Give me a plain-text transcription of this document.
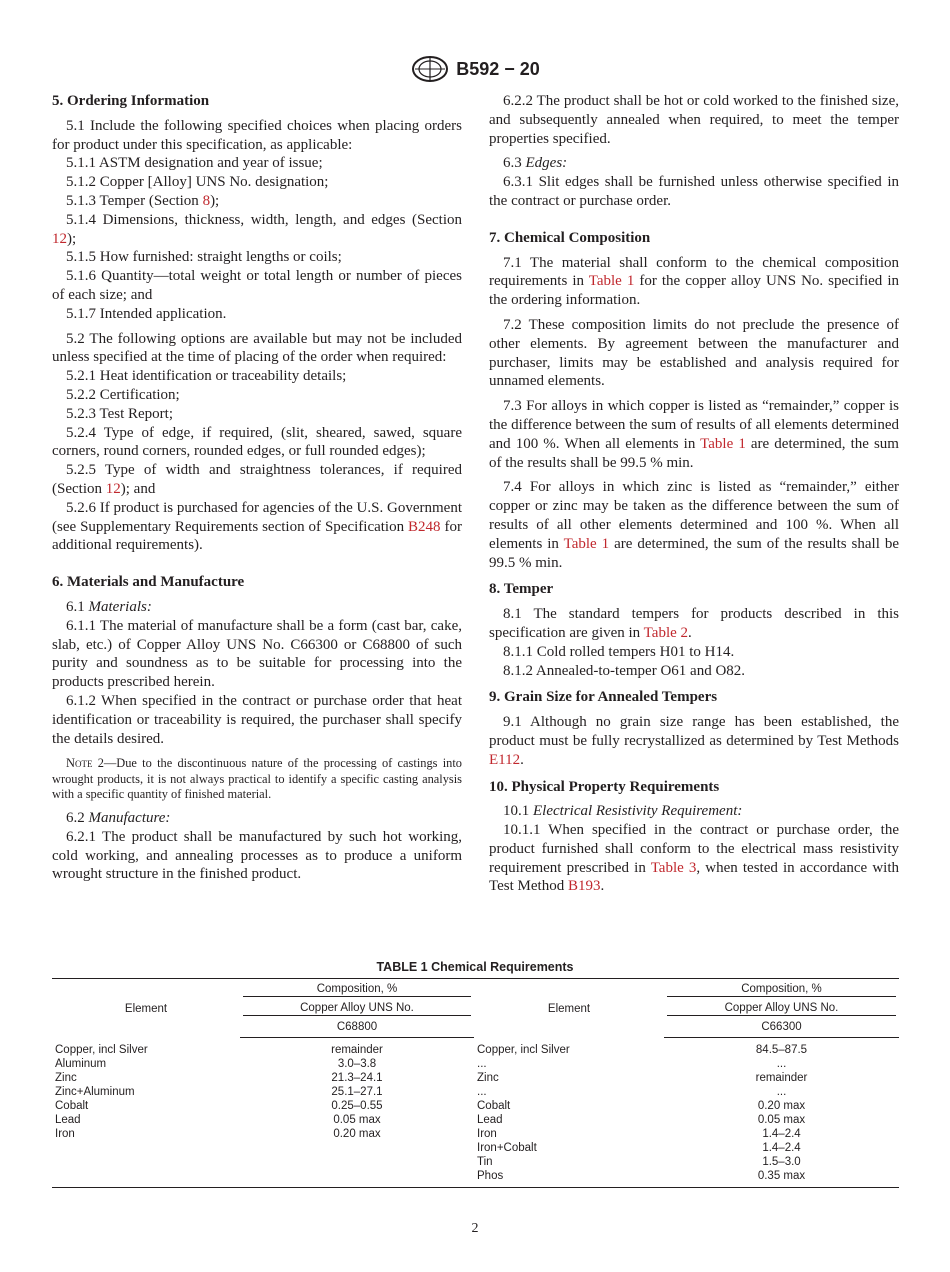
B592 − 20
5. Ordering Information

5.1 Include the following specified choices when placing orders for product under this specification, as applicable:

5.1.1 ASTM designation and year of issue;

5.1.2 Copper [Alloy] UNS No. designation;

5.1.3 Temper (Section 8);

5.1.4 Dimensions, thickness, width, length, and edges (Section 12);

5.1.5 How furnished: straight lengths or coils;

5.1.6 Quantity—total weight or total length or number of pieces of each size; and

5.1.7 Intended application.

5.2 The following options are available but may not be included unless specified at the time of placing of the order when required:

5.2.1 Heat identification or traceability details;

5.2.2 Certification;

5.2.3 Test Report;

5.2.4 Type of edge, if required, (slit, sheared, sawed, square corners, round corners, rounded edges, or full rounded edges);

5.2.5 Type of width and straightness tolerances, if required (Section 12); and

5.2.6 If product is purchased for agencies of the U.S. Government (see Supplementary Requirements section of Specification B248 for additional requirements).

6. Materials and Manufacture

6.1 Materials:

6.1.1 The material of manufacture shall be a form (cast bar, cake, slab, etc.) of Copper Alloy UNS No. C66300 or C68800 of such purity and soundness as to be suitable for processing into the products prescribed herein.

6.1.2 When specified in the contract or purchase order that heat identification or traceability is required, the purchaser shall specify the details desired.

Note 2—Due to the discontinuous nature of the processing of castings into wrought products, it is not always practical to identify a specific casting analysis with a specific quantity of finished material.

6.2 Manufacture:

6.2.1 The product shall be manufactured by such hot working, cold working, and annealing processes as to produce a uniform wrought structure in the finished product.

6.2.2 The product shall be hot or cold worked to the finished size, and subsequently annealed when required, to meet the temper properties specified.

6.3 Edges:

6.3.1 Slit edges shall be furnished unless otherwise specified in the contract or purchase order.

7. Chemical Composition

7.1 The material shall conform to the chemical composition requirements in Table 1 for the copper alloy UNS No. specified in the ordering information.

7.2 These composition limits do not preclude the presence of other elements. By agreement between the manufacturer and purchaser, limits may be established and analysis required for unnamed elements.

7.3 For alloys in which copper is listed as “remainder,” copper is the difference between the sum of results of all elements determined and 100 %. When all elements in Table 1 are determined, the sum of the results shall be 99.5 % min.

7.4 For alloys in which zinc is listed as “remainder,” either copper or zinc may be taken as the difference between the sum of results of all other elements determined and 100 %. When all elements in Table 1 are determined, the sum of the results shall be 99.5 % min.

8. Temper

8.1 The standard tempers for products described in this specification are given in Table 2.

8.1.1 Cold rolled tempers H01 to H14.

8.1.2 Annealed-to-temper O61 and O82.

9. Grain Size for Annealed Tempers

9.1 Although no grain size range has been established, the product must be fully recrystallized as determined by Test Methods E112.

10. Physical Property Requirements

10.1 Electrical Resistivity Requirement:

10.1.1 When specified in the contract or purchase order, the product furnished shall conform to the electrical mass resistivity requirement prescribed in Table 3, when tested in accordance with Test Method B193.

TABLE 1 Chemical Requirements
Element	Composition, %	Element	Composition, %

	Copper Alloy UNS No.		Copper Alloy UNS No.

	C68800		C66300
Copper, incl Silver	remainder	Copper, incl Silver	84.5–87.5
Aluminum	3.0–3.8	...	...
Zinc	21.3–24.1	Zinc	remainder
Zinc+Aluminum	25.1–27.1	...	...
Cobalt	0.25–0.55	Cobalt	0.20 max
Lead	0.05 max	Lead	0.05 max
Iron	0.20 max	Iron	1.4–2.4
		Iron+Cobalt	1.4–2.4
		Tin	1.5–3.0
		Phos	0.35 max
2
